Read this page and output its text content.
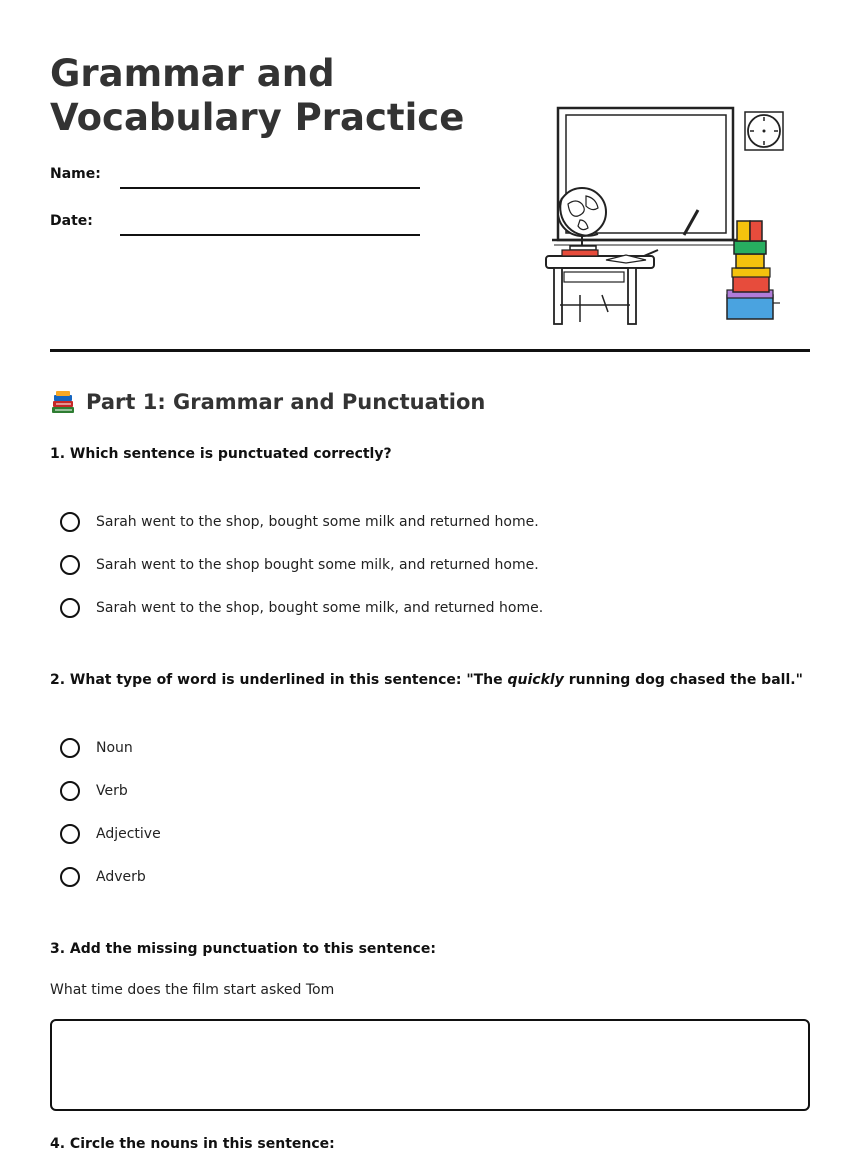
Grammar and
Vocabulary Practice
Name:
Date:
Part 1: Grammar and Punctuation
1. Which sentence is punctuated correctly?
Sarah went to the shop, bought some milk and returned home.
Sarah went to the shop bought some milk, and returned home.
Sarah went to the shop, bought some milk, and returned home.
2. What type of word is underlined in this sentence: "The quickly running dog chased the ball."
Noun
Verb
Adjective
Adverb
3. Add the missing punctuation to this sentence:
What time does the film start asked Tom
4. Circle the nouns in this sentence:
